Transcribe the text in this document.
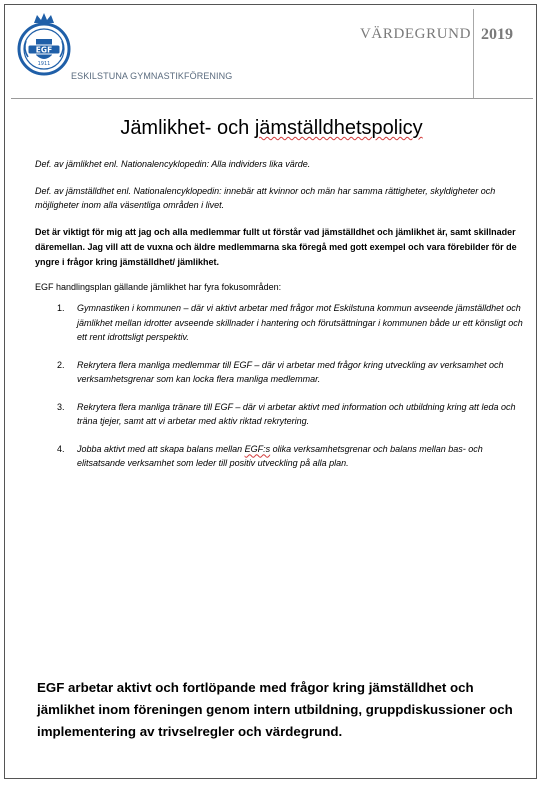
EGF
1911
ESKILSTUNA GYMNASTIKFÖRENING
VÄRDEGRUND 2019
Jämlikhet- och jämställdhetspolicy
Def. av jämlikhet enl. Nationalencyklopedin: Alla individers lika värde.
Def. av jämställdhet enl. Nationalencyklopedin: innebär att kvinnor och män har samma rättigheter, skyldigheter och möjligheter inom alla väsentliga områden i livet.
Det är viktigt för mig att jag och alla medlemmar fullt ut förstår vad jämställdhet och jämlikhet är, samt skillnader däremellan. Jag vill att de vuxna och äldre medlemmarna ska föregå med gott exempel och vara förebilder för de yngre i frågor kring jämställdhet/ jämlikhet.
EGF handlingsplan gällande jämlikhet har fyra fokusområden:
1. Gymnastiken i kommunen – där vi aktivt arbetar med frågor mot Eskilstuna kommun avseende jämställdhet och jämlikhet mellan idrotter avseende skillnader i hantering och förutsättningar i kommunen både ur ett könsligt och ett rent idrottsligt perspektiv.
2. Rekrytera flera manliga medlemmar till EGF – där vi arbetar med frågor kring utveckling av verksamhet och verksamhetsgrenar som kan locka flera manliga medlemmar.
3. Rekrytera flera manliga tränare till EGF – där vi arbetar aktivt med information och utbildning kring att leda och träna tjejer, samt att vi arbetar med aktiv riktad rekrytering.
4. Jobba aktivt med att skapa balans mellan EGF:s olika verksamhetsgrenar och balans mellan bas- och elitsatsande verksamhet som leder till positiv utveckling på alla plan.
EGF arbetar aktivt och fortlöpande med frågor kring jämställdhet och jämlikhet inom föreningen genom intern utbildning, gruppdiskussioner och implementering av trivselregler och värdegrund.
